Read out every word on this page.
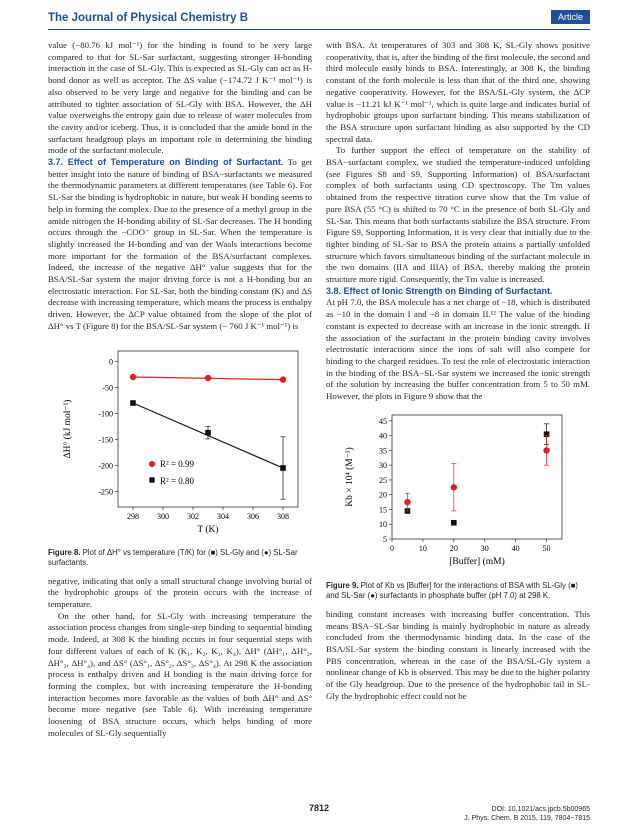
The Journal of Physical Chemistry B	Article

value (−80.76 kJ mol⁻¹) for the binding is found to be very large compared to that for SL-Sar surfactant, suggesting stronger H-bonding interaction in the case of SL-Gly. This is expected as SL-Gly can act as H-bond donor as well as acceptor. The ΔS value (−174.72 J K⁻¹ mol⁻¹) is also observed to be very large and negative for the binding and can be attributed to tighter association of SL-Gly with BSA. However, the ΔH value overweighs the entropy gain due to release of water molecules from the cavity and/or iceberg. Thus, it is concluded that the amide bond in the surfactant headgroup plays an important role in determining the binding mode of the surfactant molecule.

3.7. Effect of Temperature on Binding of Surfactant. To get better insight into the nature of binding of BSA−surfactants we measured the thermodynamic parameters at different temperatures (see Table 6). For SL-Sar the binding is hydrophobic in nature, but weak H bonding seems to help in forming the complex. Due to the presence of a methyl group in the amide nitrogen the H-bonding ability of SL-Sar decreases. The H bonding occurs through the −COO⁻ group in SL-Sar. When the temperature is slightly increased the H-bonding and van der Waals interactions become more important for the formation of the BSA/surfactant complexes. Indeed, the increase of the negative ΔH° value suggests that for the BSA/SL-Sar system the major driving force is not a H-bonding but an electrostatic interaction. For SL-Sar, both the binding constant (K) and ΔS decrease with increasing temperature, which means the process is enthalpy driven. However, the ΔCP value obtained from the slope of the plot of ΔH° vs T (Figure 8) for the BSA/SL-Sar system (− 760 J K⁻¹ mol⁻¹) is

298 300 302 304 306 308
0
-50
-100
-150
-200
-250
T (K)
ΔH° (kJ mol⁻¹)
R² = 0.99
R² = 0.80
Figure 8. Plot of ΔH° vs temperature (T/K) for (■) SL-Gly and (●) SL-Sar surfactants.

negative, indicating that only a small structural change involving burial of the hydrophobic groups of the protein occurs with the increase of temperature.

On the other hand, for SL-Gly with increasing temperature the association process changes from single-step binding to sequential binding mode. Indeed, at 308 K the binding occurs in four sequential steps with four different values of each of K (K₁, K₂, K₃, K₄), ΔH° (ΔH°₁, ΔH°₂, ΔH°₃, ΔH°₄), and ΔS° (ΔS°₁, ΔS°₂, ΔS°₃, ΔS°₄). At 298 K the association process is enthalpy driven and H bonding is the main driving force for forming the complex, but with increasing temperature the H-bonding interaction becomes more favorable as the values of both ΔH° and ΔS° become more negative (see Table 6). With increasing temperature loosening of BSA structure occurs, which helps binding of more molecules of SL-Gly sequentially

with BSA. At temperatures of 303 and 308 K, SL-Gly shows positive cooperativity, that is, after the binding of the first molecule, the second and third molecule easily binds to BSA. Interestingly, at 308 K, the binding constant of the forth molecule is less than that of the third one, showing negative cooperativity. However, for the BSA/SL-Gly system, the ΔCP value is −11.21 kJ K⁻¹ mol⁻¹, which is quite large and indicates burial of hydrophobic groups upon surfactant binding. This means stabilization of the BSA structure upon surfactant binding as also supported by the CD spectral data.

To further support the effect of temperature on the stability of BSA−surfactant complex, we studied the temperature-induced unfolding (see Figures S8 and S9, Supporting Information) of BSA/surfactant complex of both surfactants using CD spectroscopy. The Tm values obtained from the respective titration curve show that the Tm value of pure BSA (55 °C) is shifted to 70 °C in the presence of both SL-Gly and SL-Sar. This means that both surfactants stabilize the BSA structure. From Figure S9, Supporting Information, it is very clear that initially due to the tighter binding of SL-Sar to BSA the protein attains a partially unfolded structure which favors simultaneous binding of the surfactant molecule in the two domains (IIA and IIIA) of BSA, thereby making the protein structure more rigid. Consequently, the Tm value is increased.

3.8. Effect of Ionic Strength on Binding of Surfactant.

At pH 7.0, the BSA molecule has a net charge of −18, which is distributed as −10 in the domain I and −8 in domain II.¹² The value of the binding constant is expected to decrease with an increase in the ionic strength. If the association of the surfactant in the protein binding cavity involves electrostatic interactions since the ions of salt will also compete for binding to the charged residues. To test the role of electrostatic interaction in the binding of the BSA−SL-Sar system we increased the ionic strength of the solution by increasing the buffer concentration from 5 to 50 mM. However, the plots in Figure 9 show that the

0	10	20	30	40	50
5
10
15
20
25
30
35
40
45
[Buffer] (mM)
Kb × 10⁴ (M⁻¹)
Figure 9. Plot of Kb vs [Buffer] for the interactions of BSA with SL-Gly (■) and SL-Sar (●) surfactants in phosphate buffer (pH 7.0) at 298 K.

binding constant increases with increasing buffer concentration. This means BSA−SL-Sar binding is mainly hydrophobic in nature as already concluded from the thermodynamic binding data. In the case of the BSA/SL-Sar system the binding constant is linearly increased with the PBS concentration, whereas in the case of the BSA/SL-Gly system a nonlinear change of Kb is observed. This may be due to the higher polarity of the Gly headgroup. Due to the presence of the hydrophobic tail in SL-Gly the hydrophobic effect could not be

7812	DOI: 10.1021/acs.jpcb.5b00965
J. Phys. Chem. B 2015, 119, 7804−7815
